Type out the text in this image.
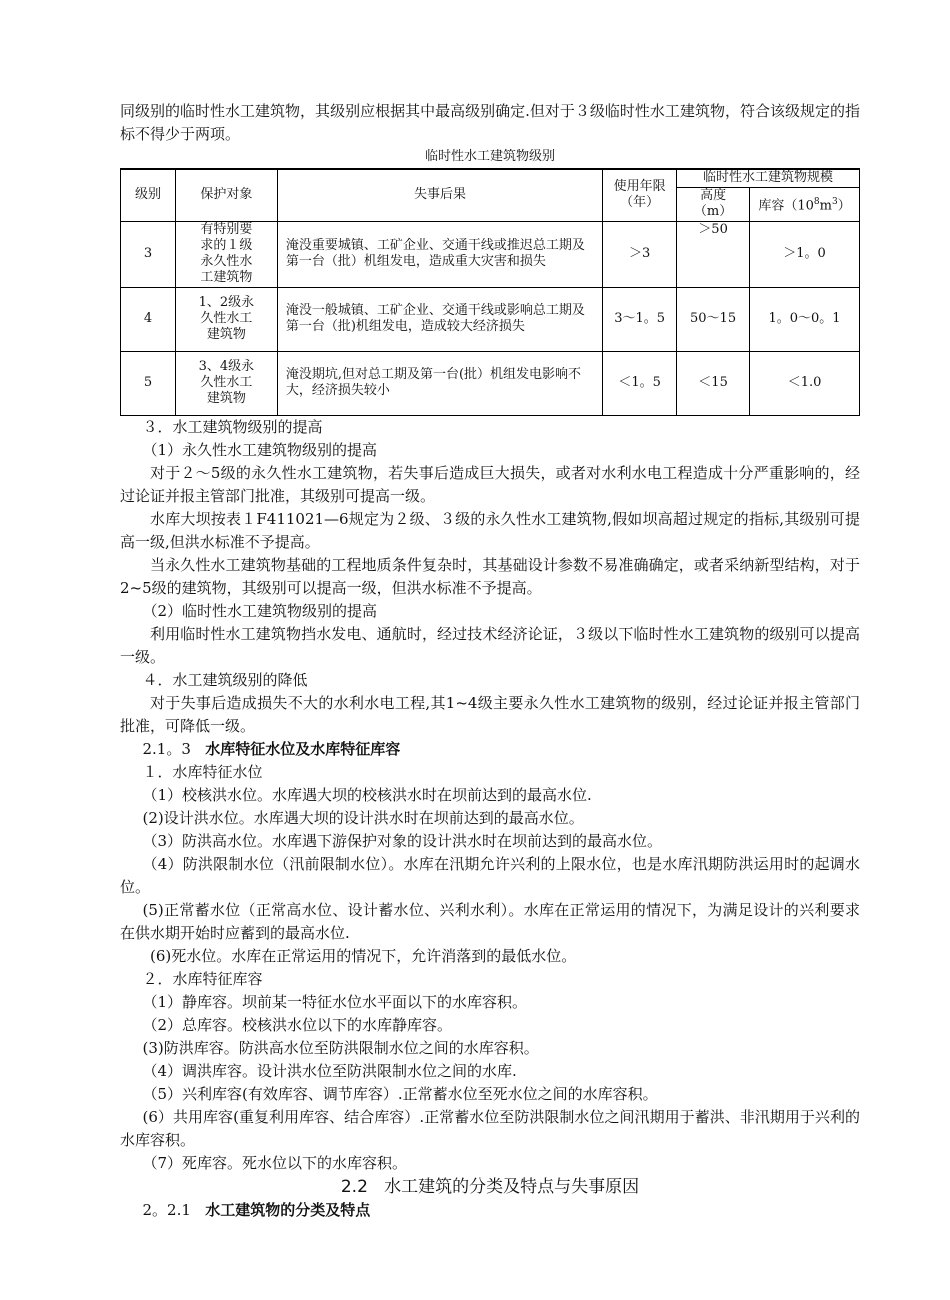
同级别的临时性水工建筑物，其级别应根据其中最高级别确定.但对于３级临时性水工建筑物，符合该级规定的指标不得少于两项。

临时性水工建筑物级别
级别	保护对象	失事后果	使用年限（年）	临时性水工建筑物规模	
				高度（m）	库容$(10^8m^3)$
3	有特别要求的１级永久性水工建筑物	淹没重要城镇、工矿企业、交通干线或推迟总工期及第一台（批）机组发电，造成重大灾害和损失	＞3	＞50	＞1。0
4	1、2级永久性水工建筑物	淹没一般城镇、工矿企业、交通干线或影响总工期及第一台（批)机组发电，造成较大经济损失	3～1。5	50～15	1。0～0。1
5	3、4级永久性水工建筑物	淹没期坑,但对总工期及第一台(批）机组发电影响不大，经济损失较小	＜1。5	＜15	＜1.0

３．水工建筑物级别的提高

（1）永久性水工建筑物级别的提高

对于２～5级的永久性水工建筑物，若失事后造成巨大损失，或者对水利水电工程造成十分严重影响的，经过论证并报主管部门批准，其级别可提高一级。

水库大坝按表１F411021—6规定为２级、３级的永久性水工建筑物,假如坝高超过规定的指标,其级别可提高一级,但洪水标准不予提高。

当永久性水工建筑物基础的工程地质条件复杂时，其基础设计参数不易准确确定，或者采纳新型结构，对于2~5级的建筑物，其级别可以提高一级，但洪水标准不予提高。

（2）临时性水工建筑物级别的提高

利用临时性水工建筑物挡水发电、通航时，经过技术经济论证，３级以下临时性水工建筑物的级别可以提高一级。

４．水工建筑级别的降低

对于失事后造成损失不大的水利水电工程,其1~4级主要永久性水工建筑物的级别，经过论证并报主管部门批准，可降低一级。

2.1。3 水库特征水位及水库特征库容

１．水库特征水位

（1）校核洪水位。水库遇大坝的校核洪水时在坝前达到的最高水位.

(2)设计洪水位。水库遇大坝的设计洪水时在坝前达到的最高水位。

（3）防洪高水位。水库遇下游保护对象的设计洪水时在坝前达到的最高水位。

（4）防洪限制水位（汛前限制水位）。水库在汛期允许兴利的上限水位，也是水库汛期防洪运用时的起调水位。

(5)正常蓄水位（正常高水位、设计蓄水位、兴利水利）。水库在正常运用的情况下，为满足设计的兴利要求在供水期开始时应蓄到的最高水位.

(6)死水位。水库在正常运用的情况下，允许消落到的最低水位。

２．水库特征库容

（1）静库容。坝前某一特征水位水平面以下的水库容积。

（2）总库容。校核洪水位以下的水库静库容。

(3)防洪库容。防洪高水位至防洪限制水位之间的水库容积。

（4）调洪库容。设计洪水位至防洪限制水位之间的水库.

（5）兴利库容(有效库容、调节库容）.正常蓄水位至死水位之间的水库容积。

(6）共用库容(重复利用库容、结合库容）.正常蓄水位至防洪限制水位之间汛期用于蓄洪、非汛期用于兴利的水库容积。

（7）死库容。死水位以下的水库容积。

2.2 水工建筑的分类及特点与失事原因

2。2.1 水工建筑物的分类及特点
